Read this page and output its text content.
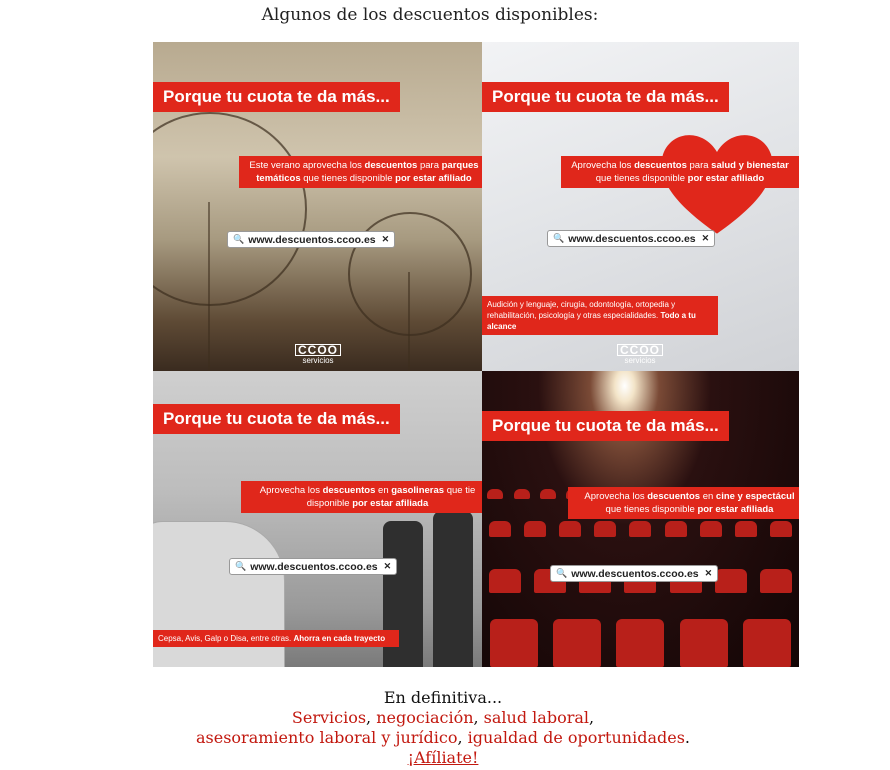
Algunos de los descuentos disponibles:
Porque tu cuota te da más...
Este verano aprovecha los descuentos para parques
temáticos que tienes disponible por estar afiliado
🔍 www.descuentos.ccoo.es ✕
CCOO
servicios
Porque tu cuota te da más...
Aprovecha los descuentos para salud y bienestar
que tienes disponible por estar afiliado
🔍 www.descuentos.ccoo.es ✕
Audición y lenguaje, cirugía, odontología, ortopedia y
rehabilitación, psicología y otras especialidades. Todo a tu alcance
CCOO
servicios
Porque tu cuota te da más...
Aprovecha los descuentos en gasolineras que tie
disponible por estar afiliada
🔍 www.descuentos.ccoo.es ✕
Cepsa, Avis, Galp o Disa, entre otras. Ahorra en cada trayecto
Porque tu cuota te da más...
Aprovecha los descuentos en cine y espectácul
que tienes disponible por estar afiliada
🔍 www.descuentos.ccoo.es ✕
En definitiva...
Servicios, negociación, salud laboral,
asesoramiento laboral y jurídico, igualdad de oportunidades.
¡Afíliate!
